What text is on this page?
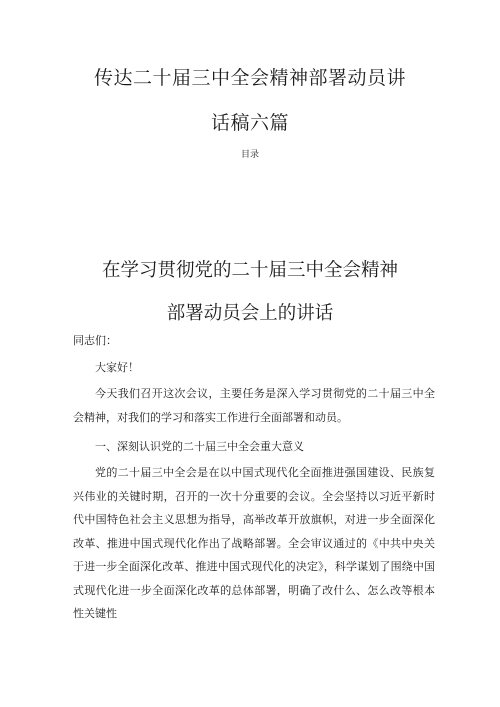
传达二十届三中全会精神部署动员讲
话稿六篇
目录
在学习贯彻党的二十届三中全会精神
部署动员会上的讲话

同志们：

大家好！

今天我们召开这次会议，主要任务是深入学习贯彻党的二十届三中全会精神，对我们的学习和落实工作进行全面部署和动员。

一、深刻认识党的二十届三中全会重大意义

党的二十届三中全会是在以中国式现代化全面推进强国建设、民族复兴伟业的关键时期，召开的一次十分重要的会议。全会坚持以习近平新时代中国特色社会主义思想为指导，高举改革开放旗帜，对进一步全面深化改革、推进中国式现代化作出了战略部署。全会审议通过的《中共中央关于进一步全面深化改革、推进中国式现代化的决定》，科学谋划了围绕中国式现代化进一步全面深化改革的总体部署，明确了改什么、怎么改等根本性关键性
